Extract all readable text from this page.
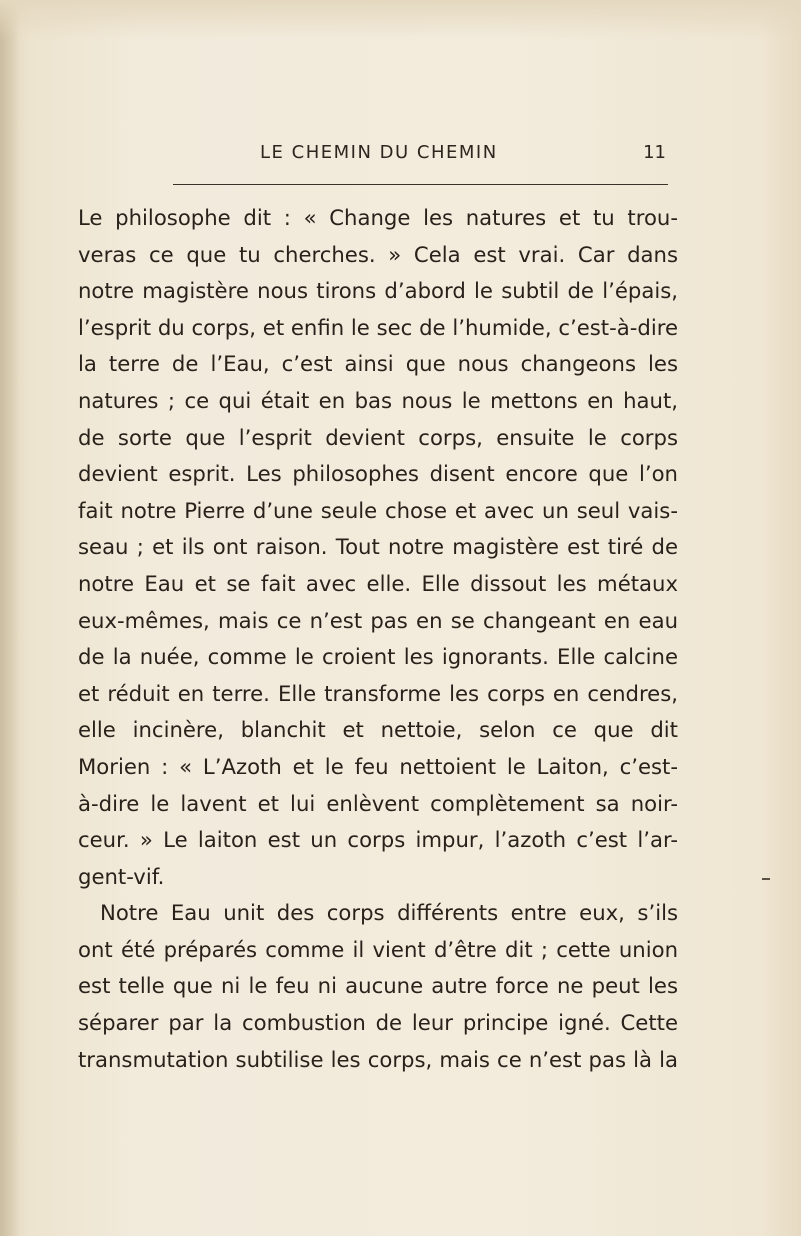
LE CHEMIN DU CHEMIN	11
Le philosophe dit : « Change les natures et tu trou-
veras ce que tu cherches. » Cela est vrai. Car dans
notre magistère nous tirons d’abord le subtil de l’épais,
l’esprit du corps, et enfin le sec de l’humide, c’est-à-dire
la terre de l’Eau, c’est ainsi que nous changeons les
natures ; ce qui était en bas nous le mettons en haut,
de sorte que l’esprit devient corps, ensuite le corps
devient esprit. Les philosophes disent encore que l’on
fait notre Pierre d’une seule chose et avec un seul vais-
seau ; et ils ont raison. Tout notre magistère est tiré de
notre Eau et se fait avec elle. Elle dissout les métaux
eux-mêmes, mais ce n’est pas en se changeant en eau
de la nuée, comme le croient les ignorants. Elle calcine
et réduit en terre. Elle transforme les corps en cendres,
elle incinère, blanchit et nettoie, selon ce que dit
Morien : « L’Azoth et le feu nettoient le Laiton, c’est-
à-dire le lavent et lui enlèvent complètement sa noir-
ceur. » Le laiton est un corps impur, l’azoth c’est l’ar-
gent-vif.
Notre Eau unit des corps différents entre eux, s’ils
ont été préparés comme il vient d’être dit ; cette union
est telle que ni le feu ni aucune autre force ne peut les
séparer par la combustion de leur principe igné. Cette
transmutation subtilise les corps, mais ce n’est pas là la
